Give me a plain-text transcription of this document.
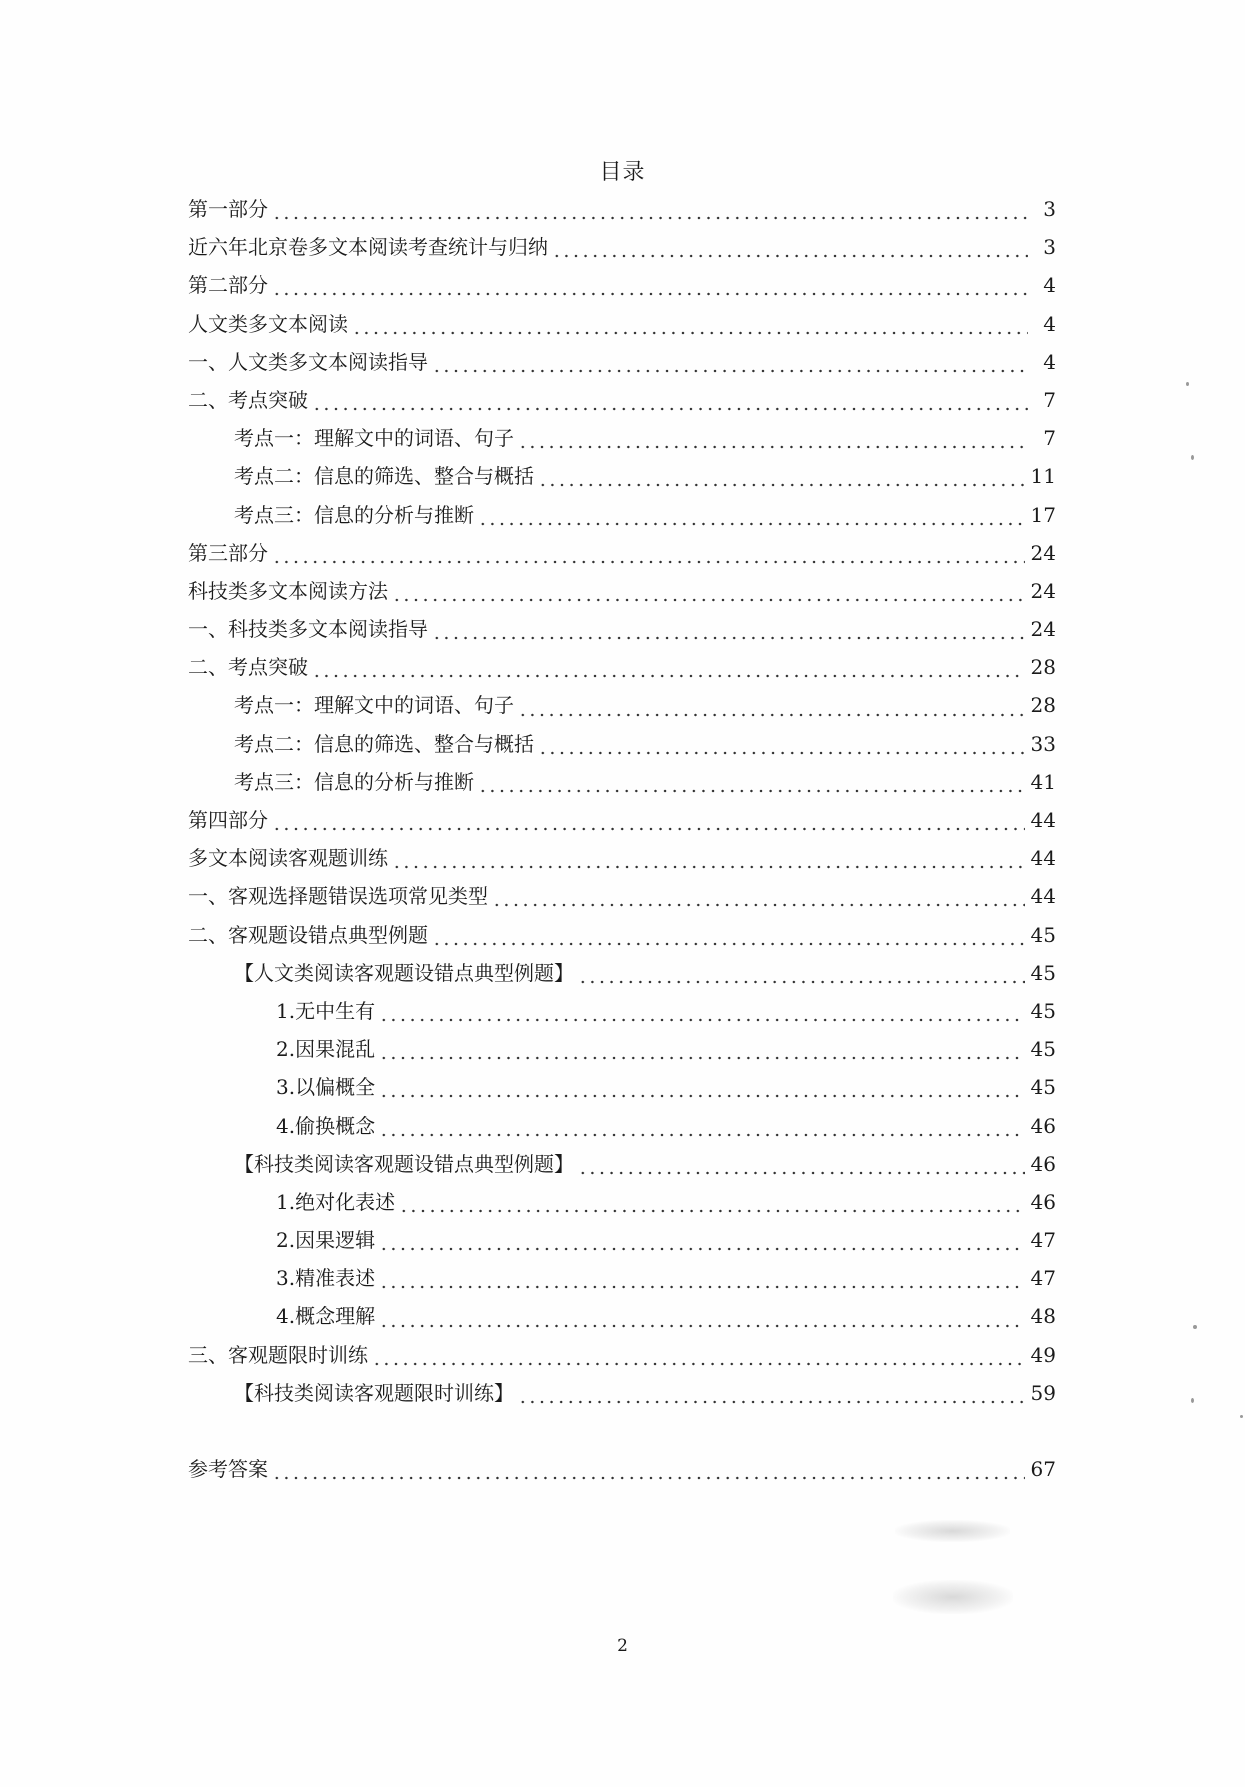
目录
第一部分	3
近六年北京卷多文本阅读考查统计与归纳	3
第二部分	4
人文类多文本阅读	4
一、人文类多文本阅读指导	4
二、考点突破	7
考点一：理解文中的词语、句子	7
考点二：信息的筛选、整合与概括	11
考点三：信息的分析与推断	17
第三部分	24
科技类多文本阅读方法	24
一、科技类多文本阅读指导	24
二、考点突破	28
考点一：理解文中的词语、句子	28
考点二：信息的筛选、整合与概括	33
考点三：信息的分析与推断	41
第四部分	44
多文本阅读客观题训练	44
一、客观选择题错误选项常见类型	44
二、客观题设错点典型例题	45
【人文类阅读客观题设错点典型例题】	45
1.无中生有	45
2.因果混乱	45
3.以偏概全	45
4.偷换概念	46
【科技类阅读客观题设错点典型例题】	46
1.绝对化表述	46
2.因果逻辑	47
3.精准表述	47
4.概念理解	48
三、客观题限时训练	49
【科技类阅读客观题限时训练】	59
参考答案	67
2
